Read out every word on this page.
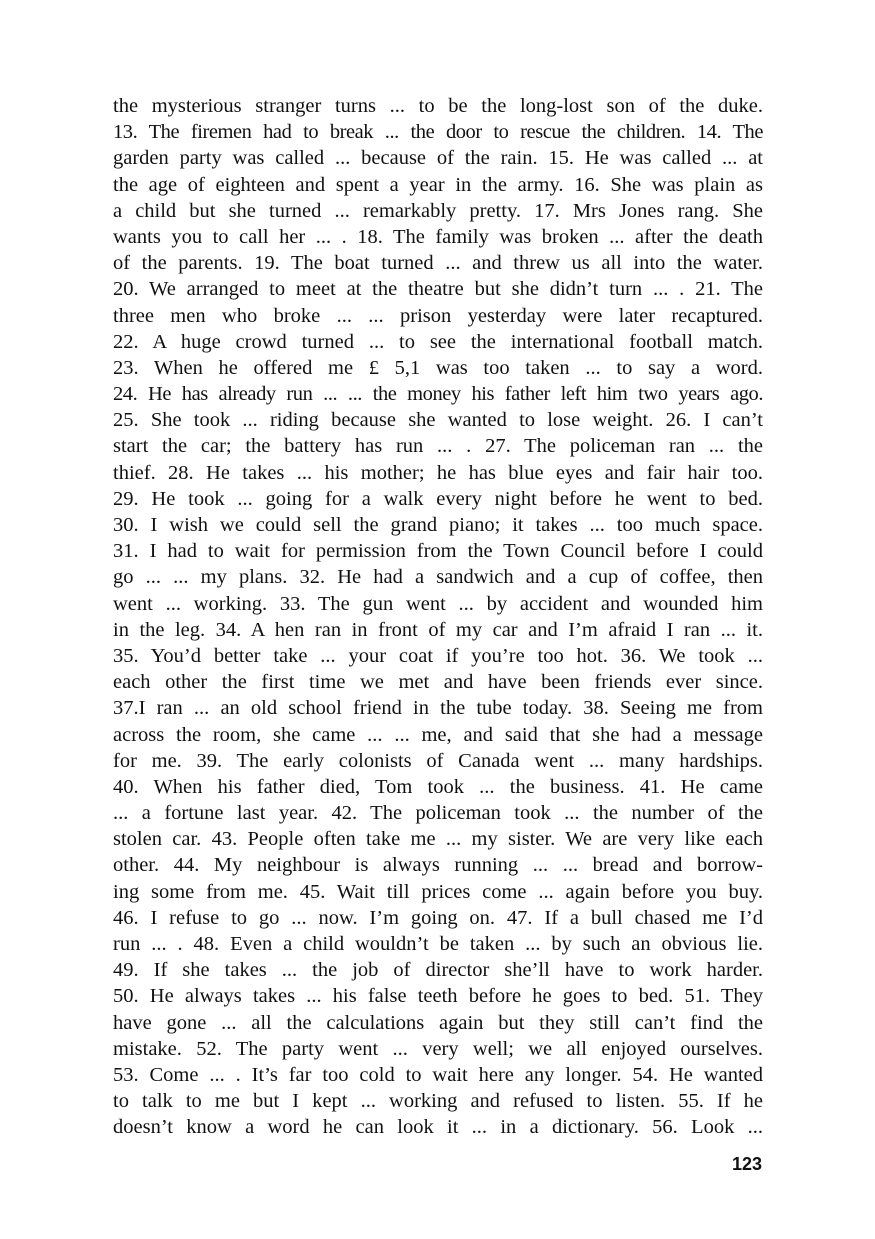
the mysterious stranger turns ... to be the long-lost son of the duke.
13. The firemen had to break ... the door to rescue the children. 14. The
garden party was called ... because of the rain. 15. He was called ... at
the age of eighteen and spent a year in the army. 16. She was plain as
a child but she turned ... remarkably pretty. 17. Mrs Jones rang. She
wants you to call her ... . 18. The family was broken ... after the death
of the parents. 19. The boat turned ... and threw us all into the water.
20. We arranged to meet at the theatre but she didn’t turn ... . 21. The
three men who broke ... ... prison yesterday were later recaptured.
22. A huge crowd turned ... to see the international football match.
23. When he offered me £ 5,1 was too taken ... to say a word.
24. He has already run ... ... the money his father left him two years ago.
25. She took ... riding because she wanted to lose weight. 26. I can’t
start the car; the battery has run ... . 27. The policeman ran ... the
thief. 28. He takes ... his mother; he has blue eyes and fair hair too.
29. He took ... going for a walk every night before he went to bed.
30. I wish we could sell the grand piano; it takes ... too much space.
31. I had to wait for permission from the Town Council before I could
go ... ... my plans. 32. He had a sandwich and a cup of coffee, then
went ... working. 33. The gun went ... by accident and wounded him
in the leg. 34. A hen ran in front of my car and I’m afraid I ran ... it.
35. You’d better take ... your coat if you’re too hot. 36. We took ...
each other the first time we met and have been friends ever since.
37.I ran ... an old school friend in the tube today. 38. Seeing me from
across the room, she came ... ... me, and said that she had a message
for me. 39. The early colonists of Canada went ... many hardships.
40. When his father died, Tom took ... the business. 41. He came
... a fortune last year. 42. The policeman took ... the number of the
stolen car. 43. People often take me ... my sister. We are very like each
other. 44. My neighbour is always running ... ... bread and borrow-
ing some from me. 45. Wait till prices come ... again before you buy.
46. I refuse to go ... now. I’m going on. 47. If a bull chased me I’d
run ... . 48. Even a child wouldn’t be taken ... by such an obvious lie.
49. If she takes ... the job of director she’ll have to work harder.
50. He always takes ... his false teeth before he goes to bed. 51. They
have gone ... all the calculations again but they still can’t find the
mistake. 52. The party went ... very well; we all enjoyed ourselves.
53. Come ... . It’s far too cold to wait here any longer. 54. He wanted
to talk to me but I kept ... working and refused to listen. 55. If he
doesn’t know a word he can look it ... in a dictionary. 56. Look ...
123
